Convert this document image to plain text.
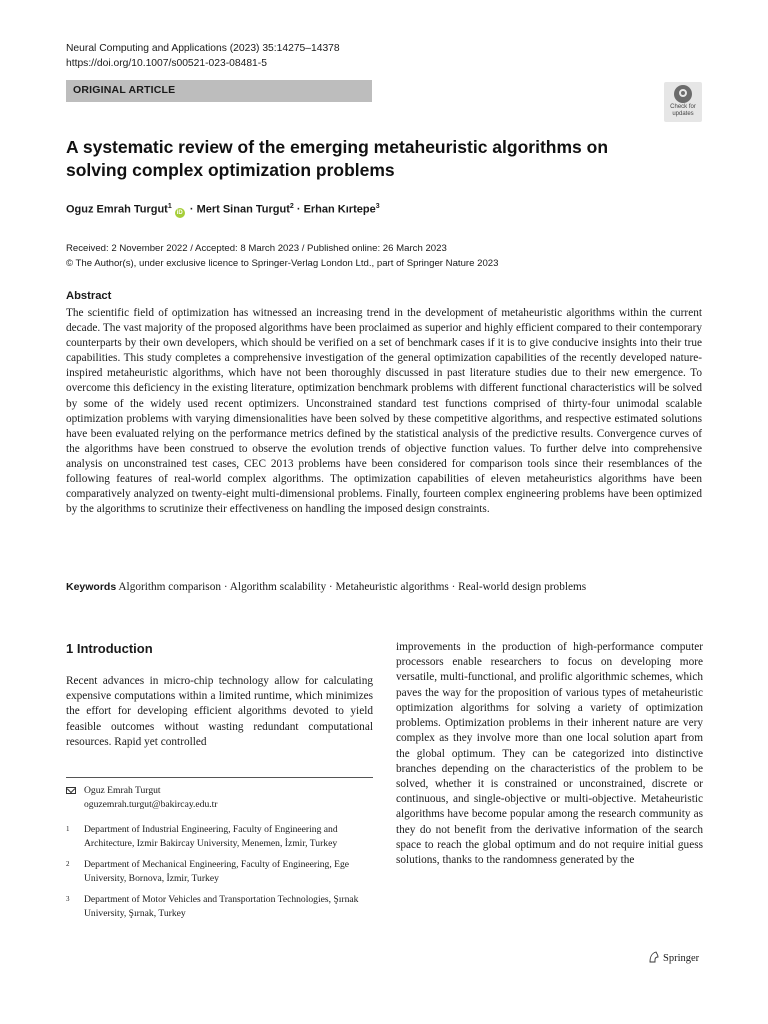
Neural Computing and Applications (2023) 35:14275–14378
https://doi.org/10.1007/s00521-023-08481-5
ORIGINAL ARTICLE
Check for updates
A systematic review of the emerging metaheuristic algorithms on solving complex optimization problems
Oguz Emrah Turgut$^1$iD · Mert Sinan Turgut$^2$ · Erhan Kırtepe$^3$
Received: 2 November 2022 / Accepted: 8 March 2023 / Published online: 26 March 2023
© The Author(s), under exclusive licence to Springer-Verlag London Ltd., part of Springer Nature 2023
Abstract
The scientific field of optimization has witnessed an increasing trend in the development of metaheuristic algorithms within the current decade. The vast majority of the proposed algorithms have been proclaimed as superior and highly efficient compared to their contemporary counterparts by their own developers, which should be verified on a set of benchmark cases if it is to give conducive insights into their true capabilities. This study completes a comprehensive investigation of the general optimization capabilities of the recently developed nature-inspired metaheuristic algorithms, which have not been thoroughly discussed in past literature studies due to their new emergence. To overcome this deficiency in the existing literature, optimization benchmark problems with different functional characteristics will be solved by some of the widely used recent optimizers. Unconstrained standard test functions comprised of thirty-four unimodal scalable optimization problems with varying dimensionalities have been solved by these competitive algorithms, and respective estimated solutions have been evaluated relying on the performance metrics defined by the statistical analysis of the predictive results. Convergence curves of the algorithms have been construed to observe the evolution trends of objective function values. To further delve into comprehensive analysis on unconstrained test cases, CEC 2013 problems have been considered for comparison tools since their resemblances of the following features of real-world complex algorithms. The optimization capabilities of eleven metaheuristics algorithms have been comparatively analyzed on twenty-eight multi-dimensional problems. Finally, fourteen complex engineering problems have been optimized by the algorithms to scrutinize their effectiveness on handling the imposed design constraints.
Keywords Algorithm comparison · Algorithm scalability · Metaheuristic algorithms · Real-world design problems
1 Introduction
Recent advances in micro-chip technology allow for calculating expensive computations within a limited runtime, which minimizes the effort for developing efficient algorithms devoted to yield feasible outcomes without wasting redundant computational resources. Rapid yet controlled
improvements in the production of high-performance computer processors enable researchers to focus on developing more versatile, multi-functional, and prolific algorithmic schemes, which paves the way for the proposition of various types of metaheuristic optimization algorithms for solving a variety of optimization problems. Optimization problems in their inherent nature are very complex as they involve more than one local solution apart from the global optimum. They can be categorized into distinctive branches depending on the characteristics of the problem to be solved, whether it is constrained or unconstrained, discrete or continuous, and single-objective or multi-objective. Metaheuristic algorithms have become popular among the research community as they do not benefit from the derivative information of the search space to reach the global optimum and do not require initial guess solutions, thanks to the randomness generated by the
Oguz Emrah Turgut
oguzemrah.turgut@bakircay.edu.tr
1 Department of Industrial Engineering, Faculty of Engineering and Architecture, Izmir Bakircay University, Menemen, İzmir, Turkey
2 Department of Mechanical Engineering, Faculty of Engineering, Ege University, Bornova, İzmir, Turkey
3 Department of Motor Vehicles and Transportation Technologies, Şırnak University, Şırnak, Turkey
Springer
